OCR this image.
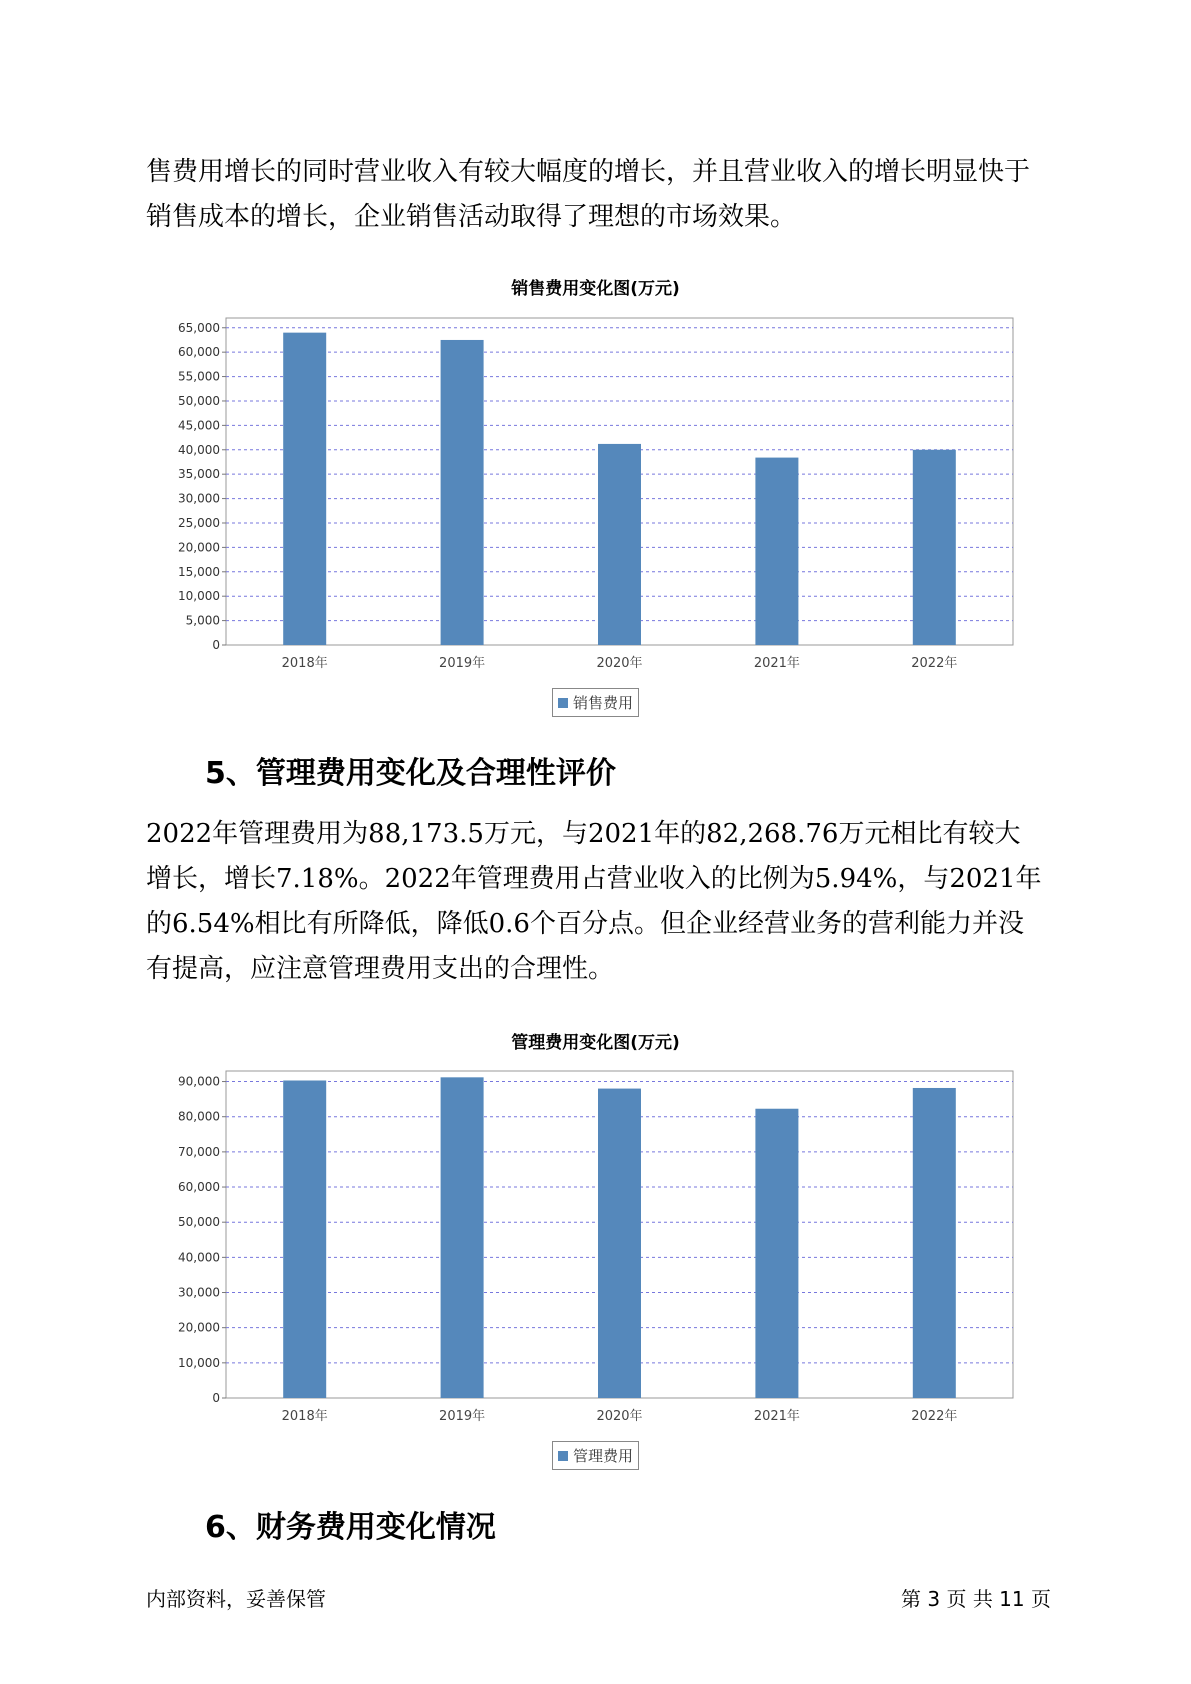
售费用增长的同时营业收入有较大幅度的增长，并且营业收入的增长明显快于销售成本的增长，企业销售活动取得了理想的市场效果。

销售费用变化图(万元)
0
5,000
10,000
15,000
20,000
25,000
30,000
35,000
40,000
45,000
50,000
55,000
60,000
65,000
2018年	2019年	2020年	2021年	2022年
销售费用
5、管理费用变化及合理性评价

2022年管理费用为88,173.5万元，与2021年的82,268.76万元相比有较大增长，增长7.18%。2022年管理费用占营业收入的比例为5.94%，与2021年的6.54%相比有所降低，降低0.6个百分点。但企业经营业务的营利能力并没有提高，应注意管理费用支出的合理性。

管理费用变化图(万元)
0
10,000
20,000
30,000
40,000
50,000
60,000
70,000
80,000
90,000
2018年	2019年	2020年	2021年	2022年
管理费用
6、财务费用变化情况
内部资料，妥善保管	第 3 页 共 11 页
